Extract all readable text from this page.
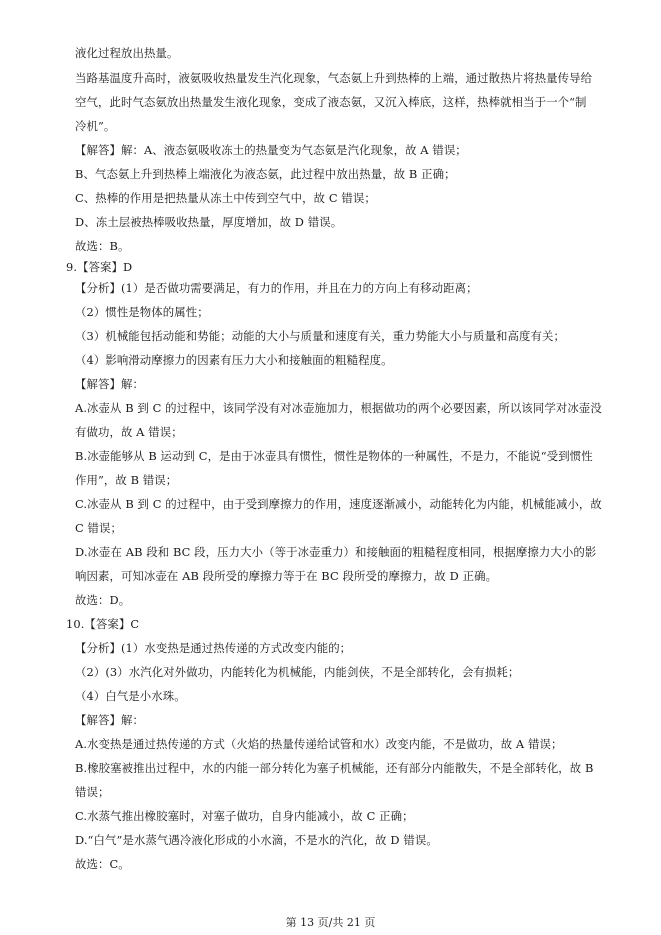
液化过程放出热量。
当路基温度升高时，液氨吸收热量发生汽化现象，气态氨上升到热棒的上端，通过散热片将热量传导给
空气，此时气态氨放出热量发生液化现象，变成了液态氨，又沉入棒底，这样，热棒就相当于一个“制
冷机”。
【解答】解：A、液态氨吸收冻土的热量变为气态氨是汽化现象，故 A 错误；
B、气态氨上升到热棒上端液化为液态氨，此过程中放出热量，故 B 正确；
C、热棒的作用是把热量从冻土中传到空气中，故 C 错误；
D、冻土层被热棒吸收热量，厚度增加，故 D 错误。
故选：B。
9.【答案】D
【分析】(1）是否做功需要满足，有力的作用，并且在力的方向上有移动距离；
（2）惯性是物体的属性；
（3）机械能包括动能和势能；动能的大小与质量和速度有关，重力势能大小与质量和高度有关；
（4）影响滑动摩擦力的因素有压力大小和接触面的粗糙程度。
【解答】解：
A.冰壶从 B 到 C 的过程中，该同学没有对冰壶施加力，根据做功的两个必要因素，所以该同学对冰壶没
有做功，故 A 错误；
B.冰壶能够从 B 运动到 C，是由于冰壶具有惯性，惯性是物体的一种属性，不是力，不能说“受到惯性
作用”，故 B 错误；
C.冰壶从 B 到 C 的过程中，由于受到摩擦力的作用，速度逐渐减小，动能转化为内能，机械能减小，故
C 错误；
D.冰壶在 AB 段和 BC 段，压力大小（等于冰壶重力）和接触面的粗糙程度相同，根据摩擦力大小的影
响因素，可知冰壶在 AB 段所受的摩擦力等于在 BC 段所受的摩擦力，故 D 正确。
故选：D。
10.【答案】C
【分析】(1）水变热是通过热传递的方式改变内能的；
（2）(3）水汽化对外做功，内能转化为机械能，内能剑侠，不是全部转化，会有损耗；
（4）白气是小水珠。
【解答】解：
A.水变热是通过热传递的方式（火焰的热量传递给试管和水）改变内能，不是做功，故 A 错误；
B.橡胶塞被推出过程中，水的内能一部分转化为塞子机械能，还有部分内能散失，不是全部转化，故 B
错误；
C.水蒸气推出橡胶塞时，对塞子做功，自身内能减小，故 C 正确；
D.“白气”是水蒸气遇冷液化形成的小水滴，不是水的汽化，故 D 错误。
故选：C。
第 13 页/共 21 页
